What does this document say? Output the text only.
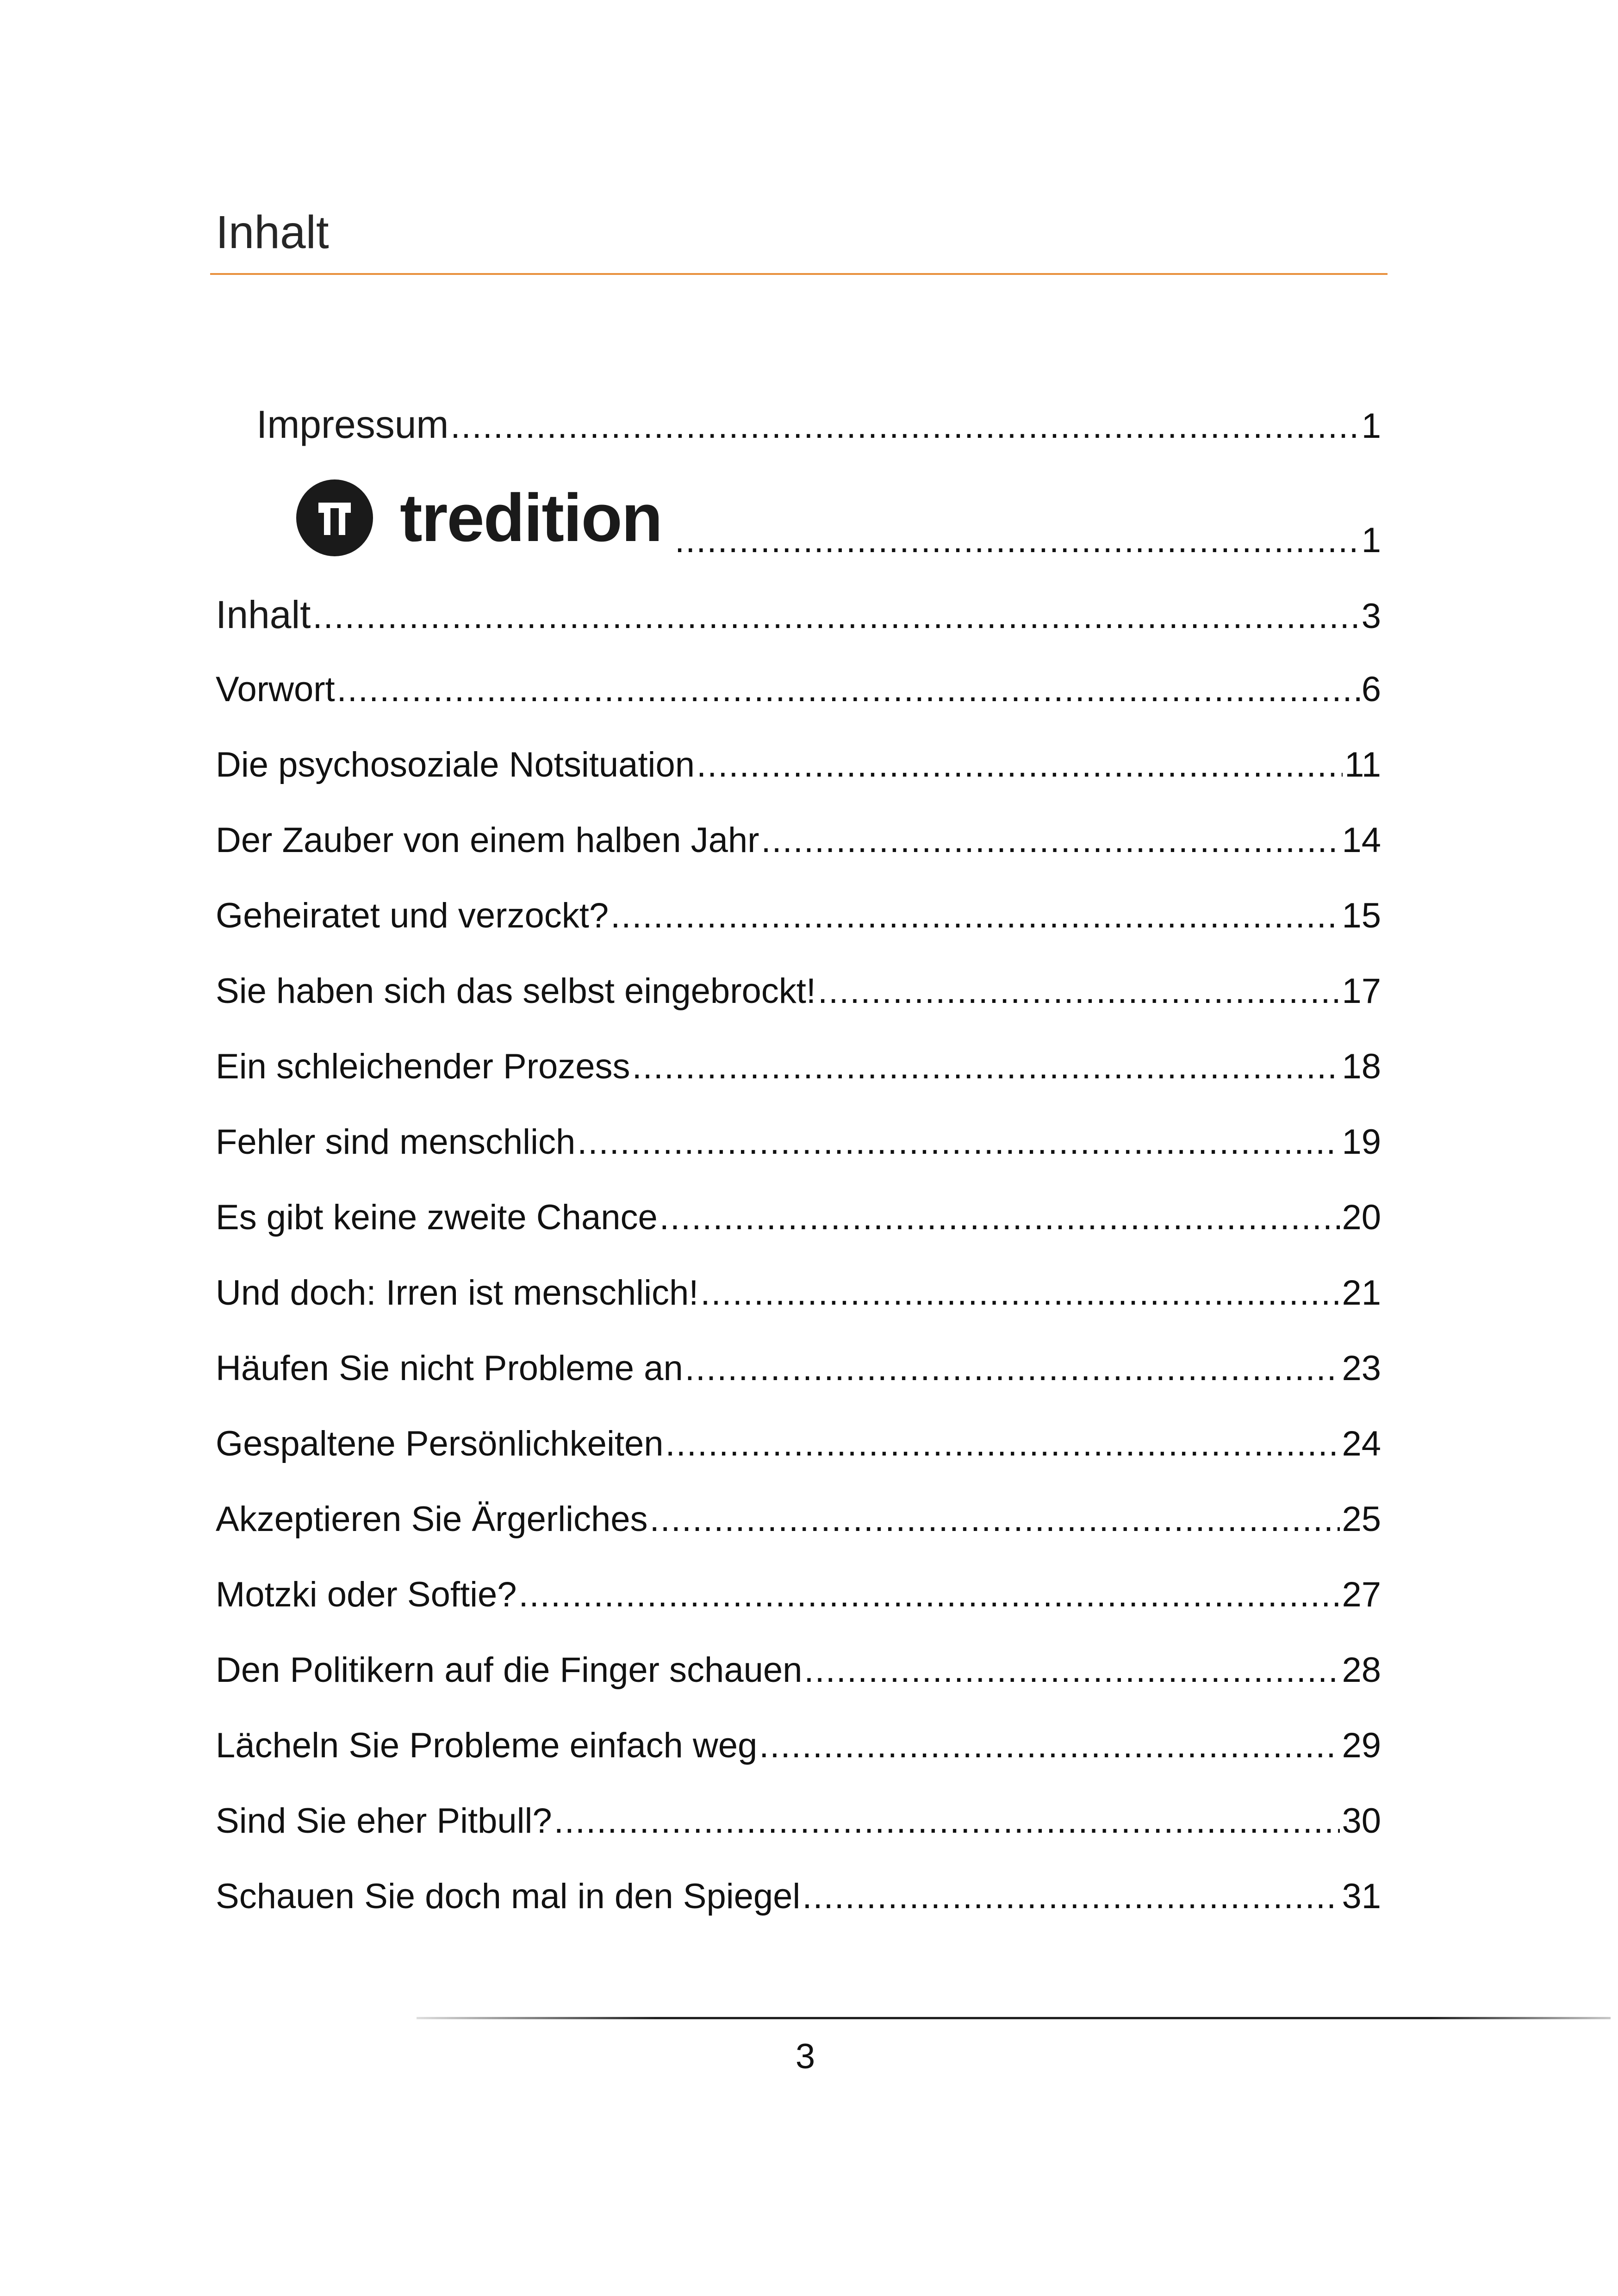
Inhalt
Impressum .....	1
tredition .....	1
Inhalt .....	3
Vorwort .....	6
Die psychosoziale Notsituation .....	11
Der Zauber von einem halben Jahr .....	14
Geheiratet und verzockt? .....	15
Sie haben sich das selbst eingebrockt! .....	17
Ein schleichender Prozess .....	18
Fehler sind menschlich .....	19
Es gibt keine zweite Chance .....	20
Und doch: Irren ist menschlich! .....	21
Häufen Sie nicht Probleme an .....	23
Gespaltene Persönlichkeiten .....	24
Akzeptieren Sie Ärgerliches .....	25
Motzki oder Softie? .....	27
Den Politikern auf die Finger schauen .....	28
Lächeln Sie Probleme einfach weg .....	29
Sind Sie eher Pitbull? .....	30
Schauen Sie doch mal in den Spiegel .....	31
3
